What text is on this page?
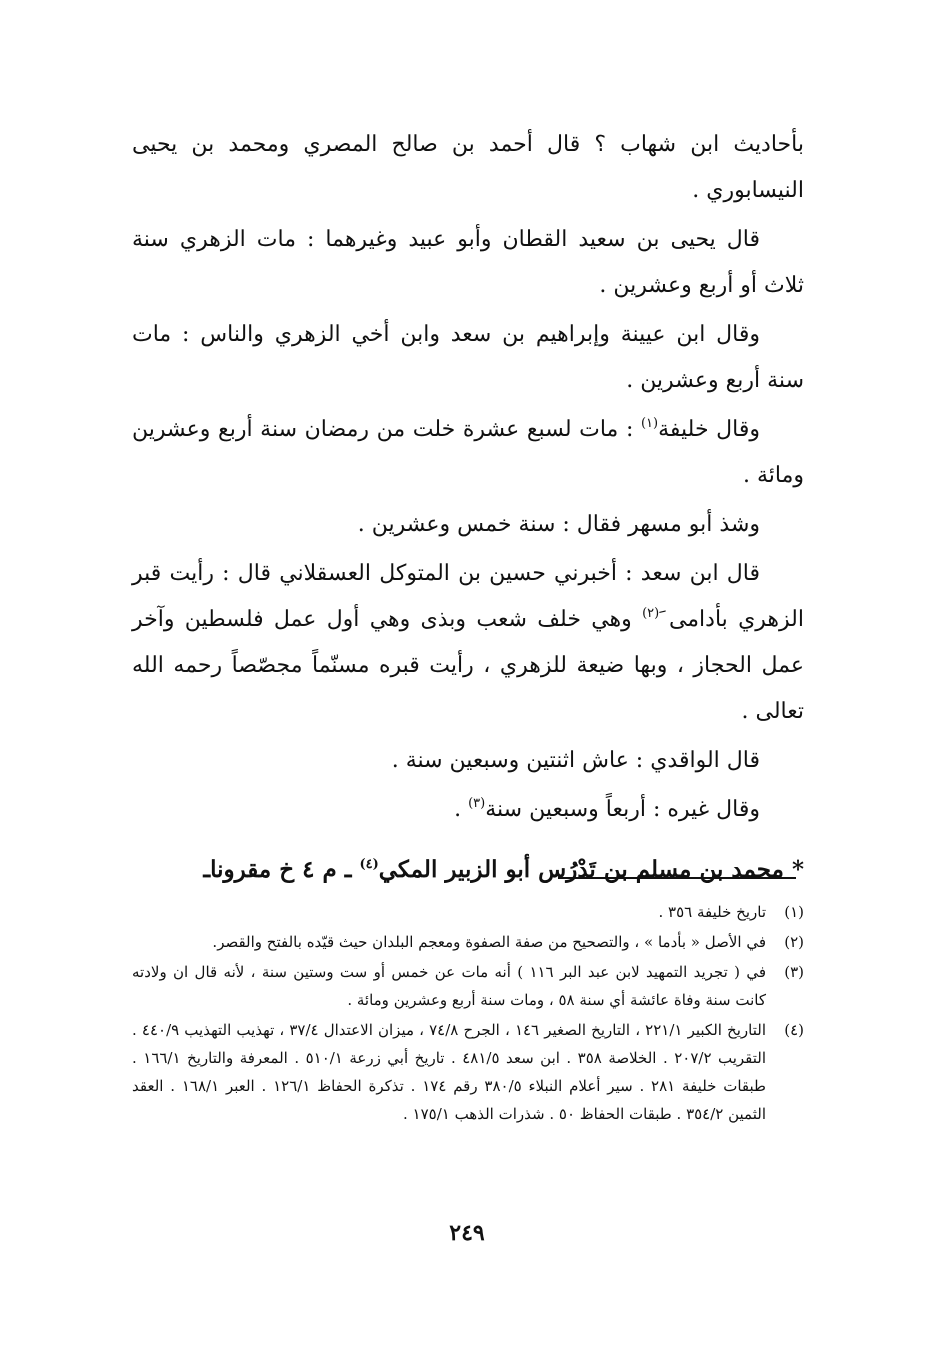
بأحاديث ابن شهاب ؟ قال أحمد بن صالح المصري ومحمد بن يحيى النيسابوري .

قال يحيى بن سعيد القطان وأبو عبيد وغيرهما : مات الزهري سنة ثلاث أو أربع وعشرين .

وقال ابن عيينة وإبراهيم بن سعد وابن أخي الزهري والناس : مات سنة أربع وعشرين .

وقال خليفة$^{(١)}$ : مات لسبع عشرة خلت من رمضان سنة أربع وعشرين ومائة .

وشذ أبو مسهر فقال : سنة خمس وعشرين .

قال ابن سعد : أخبرني حسين بن المتوكل العسقلاني قال : رأيت قبر الزهري بأدامى َ$^{(٢)}$ وهي خلف شعب وبذى وهي أول عمل فلسطين وآخر عمل الحجاز ، وبها ضيعة للزهري ، رأيت قبره مسنّماً مجصّصاً رحمه الله تعالى .

قال الواقدي : عاش اثنتين وسبعين سنة .

وقال غيره : أربعاً وسبعين سنة$^{(٣)}$ .

* محمد بن مسلم بن تَدْرُس أبو الزبير المكي$^{(٤)}$ ـ م ٤ خ مقروناـ

(١)
تاريخ خليفة ٣٥٦ .
(٢)
في الأصل « بأدما » ، والتصحيح من صفة الصفوة ومعجم البلدان حيث قيّده بالفتح والقصر.
(٣)
في ( تجريد التمهيد لابن عبد البر ١١٦ ) أنه مات عن خمس أو ست وستين سنة ، لأنه قال ان ولادته كانت سنة وفاة عائشة أي سنة ٥٨ ، ومات سنة أربع وعشرين ومائة .
(٤)
التاريخ الكبير ٢٢١/١ ، التاريخ الصغير ١٤٦ ، الجرح ٧٤/٨ ، ميزان الاعتدال ٣٧/٤ ، تهذيب التهذيب ٤٤٠/٩ . التقريب ٢٠٧/٢ . الخلاصة ٣٥٨ . ابن سعد ٤٨١/٥ . تاريخ أبي زرعة ٥١٠/١ . المعرفة والتاريخ ١٦٦/١ . طبقات خليفة ٢٨١ . سير أعلام النبلاء ٣٨٠/٥ رقم ١٧٤ . تذكرة الحفاظ ١٢٦/١ . العبر ١٦٨/١ . العقد الثمين ٣٥٤/٢ . طبقات الحفاظ ٥٠ . شذرات الذهب ١٧٥/١ .
٢٤٩
